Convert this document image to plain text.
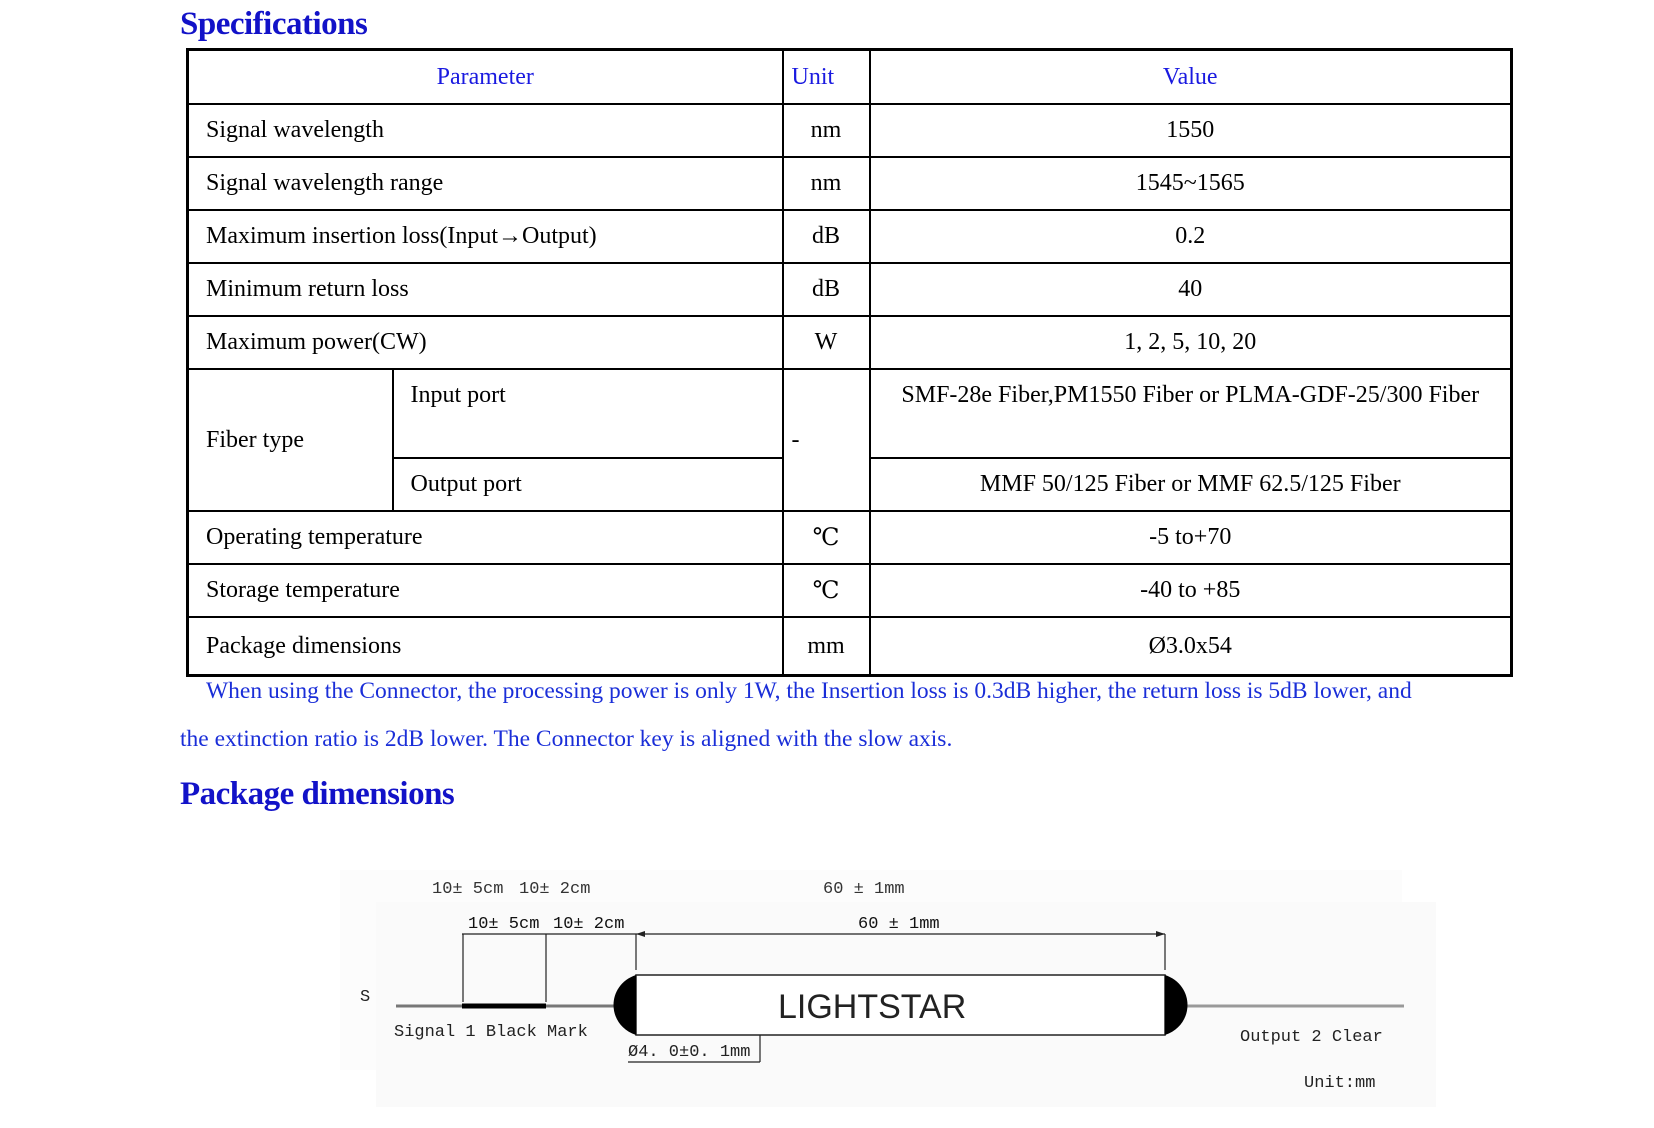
Specifications
Parameter		Unit	Value
Signal wavelength		nm	1550
Signal wavelength range		nm	1545~1565
Maximum insertion loss(Input→Output)		dB	0.2
Minimum return loss		dB	40
Maximum power(CW)		W	1, 2, 5, 10, 20
Fiber type	Input port	-	SMF-28e Fiber,PM1550 Fiber or PLMA-GDF-25/300 Fiber
	Output port		MMF 50/125 Fiber or MMF 62.5/125 Fiber
Operating temperature		℃	-5 to+70
Storage temperature		℃	-40 to +85
Package dimensions		mm	Ø3.0x54
When using the Connector, the processing power is only 1W, the Insertion loss is 0.3dB higher, the return loss is 5dB lower, and
the extinction ratio is 2dB lower. The Connector key is aligned with the slow axis.
Package dimensions
10± 5cm 10± 2cm	60 ± 1mm
10± 5cm 10± 2cm	60 ± 1mm
LIGHTSTAR
Signal 1 Black Mark
Ø4. 0±0. 1mm
Output 2 Clear
Unit:mm
S
